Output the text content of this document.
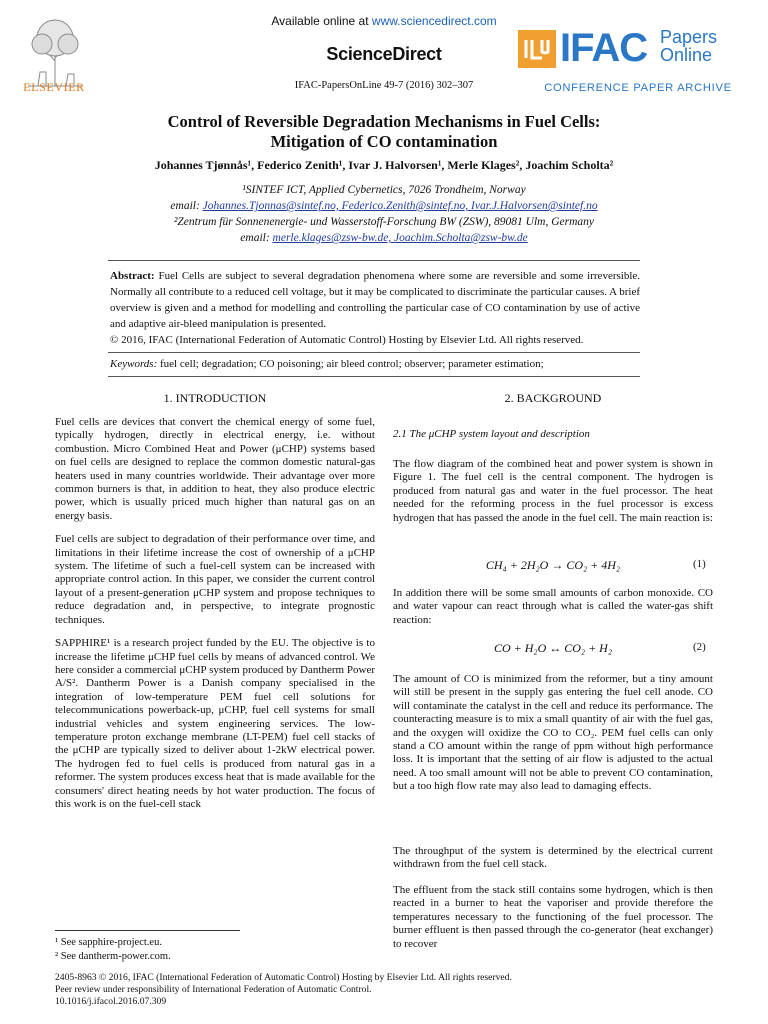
ELSEVIER
Available online at www.sciencedirect.com
ScienceDirect
IFAC-PapersOnLine 49-7 (2016) 302–307
IFAC Papers
Online
CONFERENCE PAPER ARCHIVE
Control of Reversible Degradation Mechanisms in Fuel Cells:
Mitigation of CO contamination
Johannes Tjønnås¹, Federico Zenith¹, Ivar J. Halvorsen¹, Merle Klages², Joachim Scholta²
¹SINTEF ICT, Applied Cybernetics, 7026 Trondheim, Norway
email: Johannes.Tjonnas@sintef.no, Federico.Zenith@sintef.no, Ivar.J.Halvorsen@sintef.no
²Zentrum für Sonnenenergie- und Wasserstoff-Forschung BW (ZSW), 89081 Ulm, Germany
email: merle.klages@zsw-bw.de, Joachim.Scholta@zsw-bw.de

Abstract: Fuel Cells are subject to several degradation phenomena where some are reversible and some irreversible. Normally all contribute to a reduced cell voltage, but it may be complicated to discriminate the particular causes. A brief overview is given and a method for modelling and controlling the particular case of CO contamination by use of active and adaptive air-bleed manipulation is presented.

© 2016, IFAC (International Federation of Automatic Control) Hosting by Elsevier Ltd. All rights reserved.
Keywords: fuel cell; degradation; CO poisoning; air bleed control; observer; parameter estimation;
1. INTRODUCTION

Fuel cells are devices that convert the chemical energy of some fuel, typically hydrogen, directly in electrical energy, i.e. without combustion. Micro Combined Heat and Power (μCHP) systems based on fuel cells are designed to replace the common domestic natural-gas heaters used in many countries worldwide. Their advantage over more common burners is that, in addition to heat, they also produce electric power, which is usually priced much higher than natural gas on an energy basis.

Fuel cells are subject to degradation of their performance over time, and limitations in their lifetime increase the cost of ownership of a μCHP system. The lifetime of such a fuel-cell system can be increased with appropriate control action. In this paper, we consider the current control layout of a present-generation μCHP system and propose techniques to reduce degradation and, in perspective, to integrate prognostic techniques.

SAPPHIRE¹ is a research project funded by the EU. The objective is to increase the lifetime μCHP fuel cells by means of advanced control. We here consider a commercial μCHP system produced by Dantherm Power A/S². Dantherm Power is a Danish company specialised in the integration of low-temperature PEM fuel cell solutions for telecommunications powerback-up, μCHP, fuel cell systems for small industrial vehicles and system engineering services. The low-temperature proton exchange membrane (LT-PEM) fuel cell stacks of the μCHP are typically sized to deliver about 1-2kW electrical power. The hydrogen fed to fuel cells is produced from natural gas in a reformer. The system produces excess heat that is made available for the consumers' direct heating needs by hot water production. The focus of this work is on the fuel-cell stack

¹ See sapphire-project.eu.
² See dantherm-power.com.
2. BACKGROUND
2.1 The μCHP system layout and description
The flow diagram of the combined heat and power system is shown in Figure 1. The fuel cell is the central component. The hydrogen is produced from natural gas and water in the fuel processor. The heat needed for the reforming process in the fuel processor is excess hydrogen that has passed the anode in the fuel cell. The main reaction is:
CH₄ + 2H₂O → CO₂ + 4H₂	(1)
In addition there will be some small amounts of carbon monoxide. CO and water vapour can react through what is called the water-gas shift reaction:
CO + H₂O ↔ CO₂ + H₂	(2)
The amount of CO is minimized from the reformer, but a tiny amount will still be present in the supply gas entering the fuel cell anode. CO will contaminate the catalyst in the cell and reduce its performance. The counteracting measure is to mix a small quantity of air with the fuel gas, and the oxygen will oxidize the CO to CO₂. PEM fuel cells can only stand a CO amount within the range of ppm without high performance loss. It is important that the setting of air flow is adjusted to the actual need. A too small amount will not be able to prevent CO contamination, but a too high flow rate may also lead to damaging effects.
The throughput of the system is determined by the electrical current withdrawn from the fuel cell stack.
The effluent from the stack still contains some hydrogen, which is then reacted in a burner to heat the vaporiser and provide therefore the temperatures necessary to the functioning of the fuel processor. The burner effluent is then passed through the co-generator (heat exchanger) to recover
2405-8963 © 2016, IFAC (International Federation of Automatic Control) Hosting by Elsevier Ltd. All rights reserved.
Peer review under responsibility of International Federation of Automatic Control.
10.1016/j.ifacol.2016.07.309
